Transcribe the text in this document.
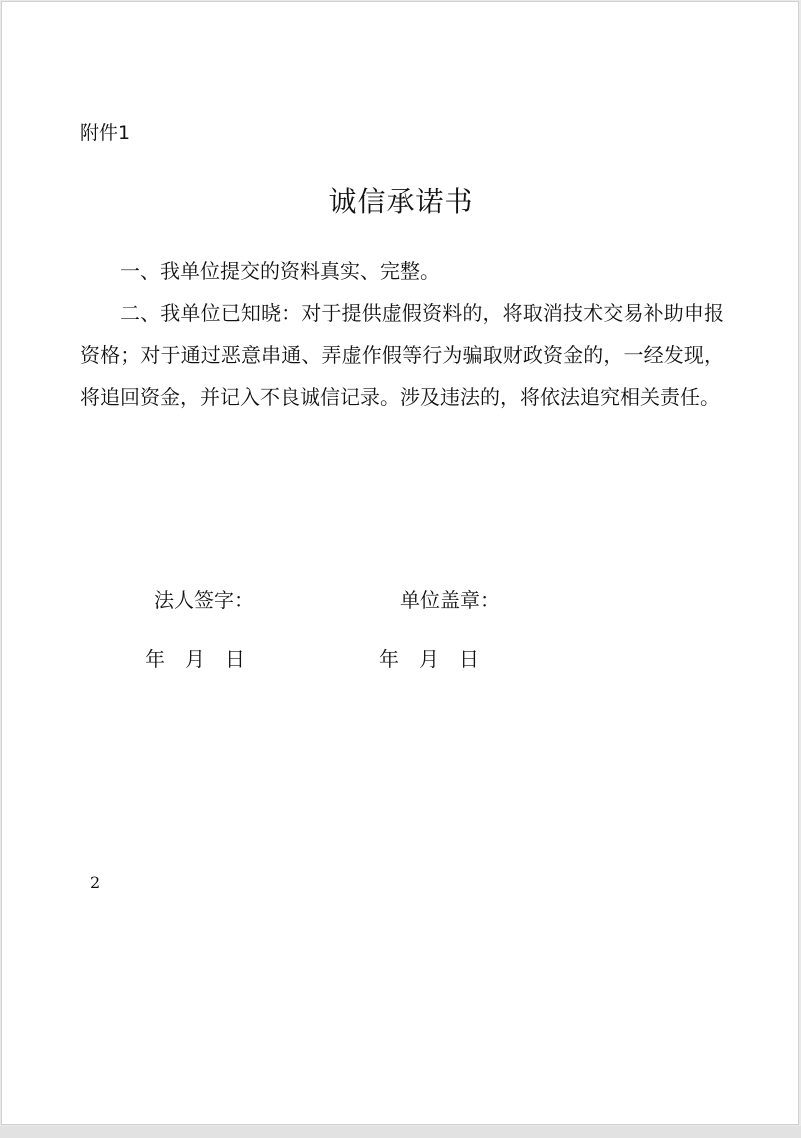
附件1
诚信承诺书

一、我单位提交的资料真实、完整。

二、我单位已知晓：对于提供虚假资料的，将取消技术交易补助申报资格；对于通过恶意串通、弄虚作假等行为骗取财政资金的，一经发现，将追回资金，并记入不良诚信记录。涉及违法的，将依法追究相关责任。

法人签字：	单位盖章：
年 月 日	年 月 日
2
